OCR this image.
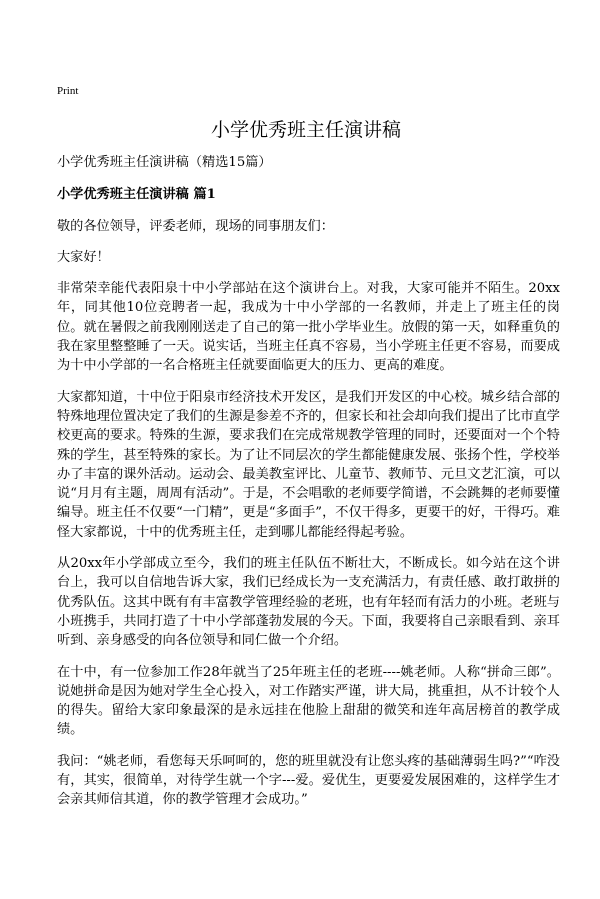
Print
小学优秀班主任演讲稿

小学优秀班主任演讲稿（精选15篇）

小学优秀班主任演讲稿 篇1

敬的各位领导，评委老师，现场的同事朋友们：

大家好！

非常荣幸能代表阳泉十中小学部站在这个演讲台上。对我，大家可能并不陌生。20xx年，同其他10位竞聘者一起，我成为十中小学部的一名教师，并走上了班主任的岗位。就在暑假之前我刚刚送走了自己的第一批小学毕业生。放假的第一天，如释重负的我在家里整整睡了一天。说实话，当班主任真不容易，当小学班主任更不容易，而要成为十中小学部的一名合格班主任就要面临更大的压力、更高的难度。

大家都知道，十中位于阳泉市经济技术开发区，是我们开发区的中心校。城乡结合部的特殊地理位置决定了我们的生源是参差不齐的，但家长和社会却向我们提出了比市直学校更高的要求。特殊的生源，要求我们在完成常规教学管理的同时，还要面对一个个特殊的学生，甚至特殊的家长。为了让不同层次的学生都能健康发展、张扬个性，学校举办了丰富的课外活动。运动会、最美教室评比、儿童节、教师节、元旦文艺汇演，可以说“月月有主题，周周有活动”。于是，不会唱歌的老师要学简谱，不会跳舞的老师要懂编导。班主任不仅要“一门精”，更是“多面手”，不仅干得多，更要干的好，干得巧。难怪大家都说，十中的优秀班主任，走到哪儿都能经得起考验。

从20xx年小学部成立至今，我们的班主任队伍不断壮大，不断成长。如今站在这个讲台上，我可以自信地告诉大家，我们已经成长为一支充满活力，有责任感、敢打敢拼的优秀队伍。这其中既有有丰富教学管理经验的老班，也有年轻而有活力的小班。老班与小班携手，共同打造了十中小学部蓬勃发展的今天。下面，我要将自己亲眼看到、亲耳听到、亲身感受的向各位领导和同仁做一个介绍。

在十中，有一位参加工作28年就当了25年班主任的老班----姚老师。人称“拼命三郎”。说她拼命是因为她对学生全心投入，对工作踏实严谨，讲大局，挑重担，从不计较个人的得失。留给大家印象最深的是永远挂在他脸上甜甜的微笑和连年高居榜首的教学成绩。

我问：“姚老师，看您每天乐呵呵的，您的班里就没有让您头疼的基础薄弱生吗?”“咋没有，其实，很简单，对待学生就一个字---爱。爱优生，更要爱发展困难的，这样学生才会亲其师信其道，你的教学管理才会成功。”
